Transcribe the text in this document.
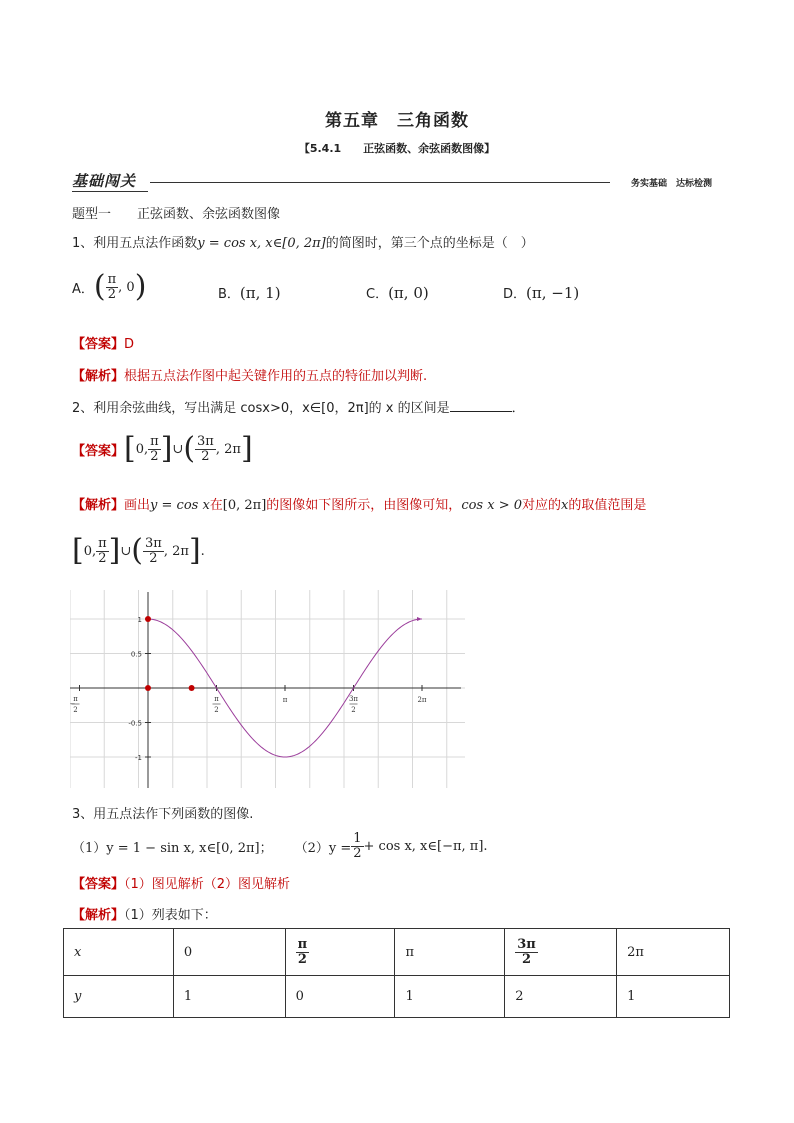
第五章　三角函数
【5.4.1　　正弦函数、余弦函数图像】
基础闯关	务实基础　达标检测
题型一　　正弦函数、余弦函数图像
1、利用五点法作函数y = cos x, x∈[0, 2π]的简图时，第三个点的坐标是（　）
A． ( $\frac{\pi}{2}$ , 0 )	B． (π, 1)	C． (π, 0)	D． (π, −1)
【答案】D
【解析】根据五点法作图中起关键作用的五点的特征加以判断.
2、利用余弦曲线，写出满足 cosx>0，x∈[0，2π]的 x 的区间是	．
【答案】 [ 0, $\frac{\pi}{2}$ ] ∪ ( $\frac{3\pi}{2}$ , 2π ]
【解析】画出y = cos x在[0, 2π]的图像如下图所示，由图像可知，cos x > 0对应的x的取值范围是
[ 0, $\frac{\pi}{2}$ ] ∪ ( $\frac{3\pi}{2}$ , 2π ] .
−
π
2
π
2
π	3π
2
2π
1
0.5
-0.5
-1
3、用五点法作下列函数的图像.
（1）y = 1 − sin x, x∈[0, 2π]； $(2)y = \frac{1}{2} + \cos x$, x∈[−π, π].
【答案】（1）图见解析（2）图见解析
【解析】（1）列表如下：
x	0	$\frac{\pi}{2}$	π	$\frac{3\pi}{2}$	2π
y	1	0	1	2	1
